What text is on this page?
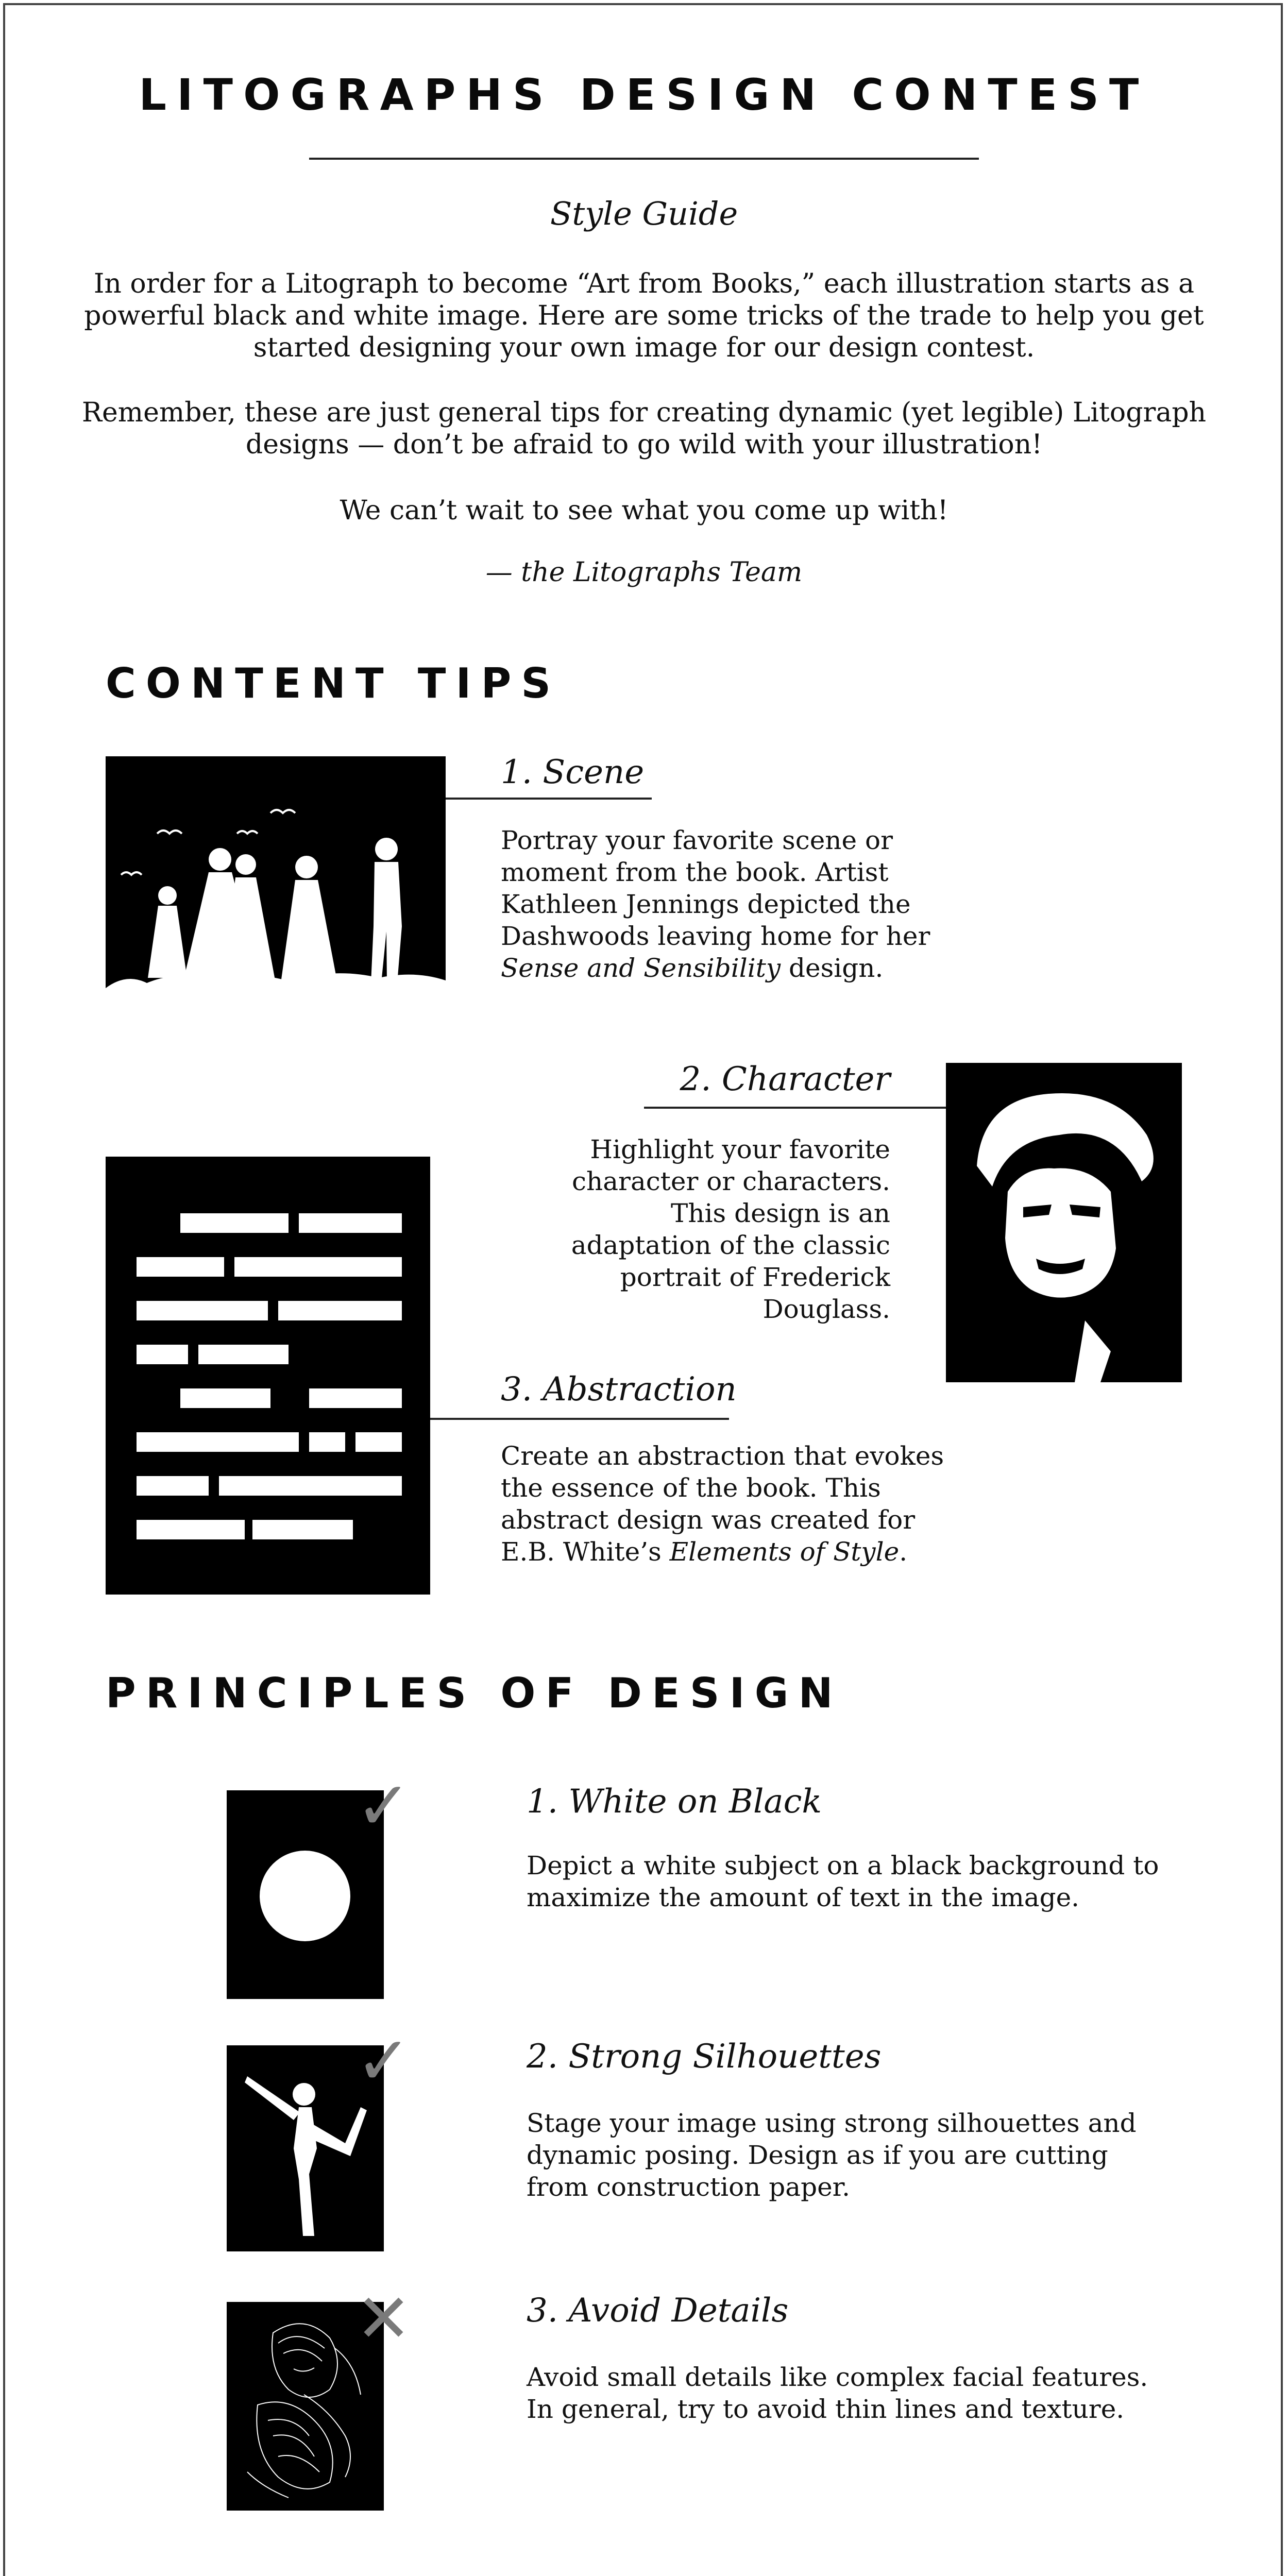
LITOGRAPHS DESIGN CONTEST
Style Guide
In order for a Litograph to become “Art from Books,” each illustration starts as a powerful black and white image. Here are some tricks of the trade to help you get started designing your own image for our design contest.
Remember, these are just general tips for creating dynamic (yet legible) Litograph designs — don’t be afraid to go wild with your illustration!
We can’t wait to see what you come up with!
— the Litographs Team
CONTENT TIPS
1. Scene
Portray your favorite scene or moment from the book. Artist Kathleen Jennings depicted the Dashwoods leaving home for her Sense and Sensibility design.
2. Character
Highlight your favorite character or characters. This design is an adaptation of the classic portrait of Frederick Douglass.
3. Abstraction
Create an abstraction that evokes the essence of the book. This abstract design was created for E.B. White’s Elements of Style.
PRINCIPLES OF DESIGN
✓	1. White on Black
Depict a white subject on a black background to maximize the amount of text in the image.
✓	2. Strong Silhouettes
Stage your image using strong silhouettes and dynamic posing. Design as if you are cutting from construction paper.
✕	3. Avoid Details
Avoid small details like complex facial features. In general, try to avoid thin lines and texture.
